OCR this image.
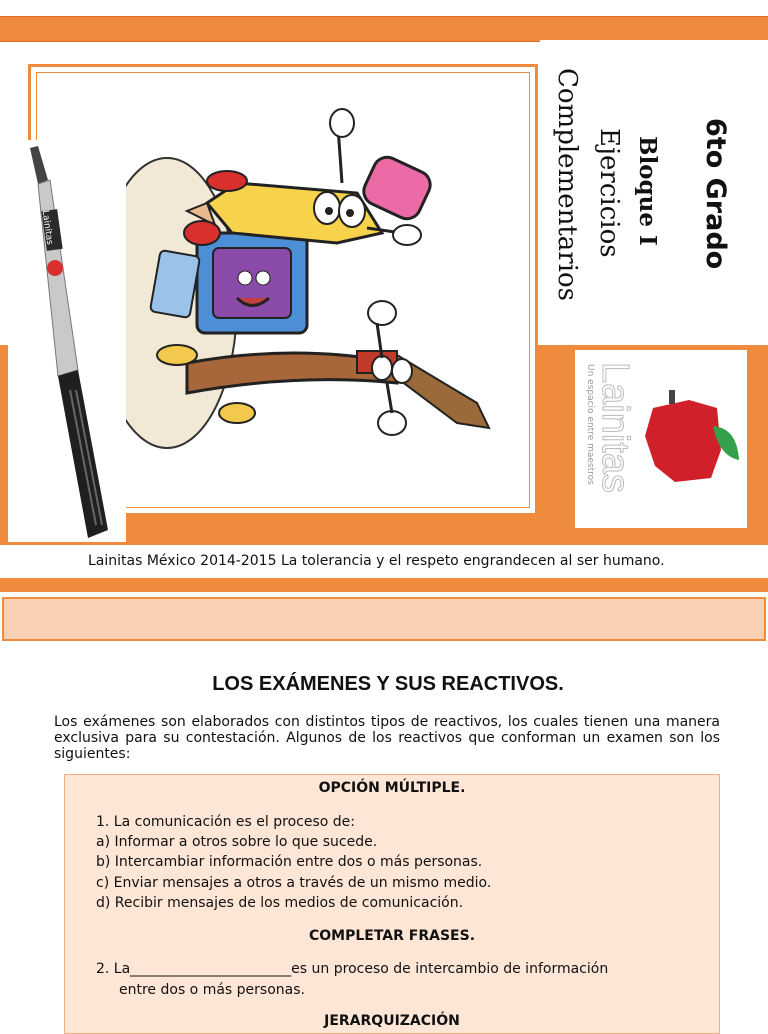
Lainitas	6to Grado
Bloque I
Ejercicios
Complementarios
Lainitas
Un espacio entre maestros
Lainitas México 2014-2015 La tolerancia y el respeto engrandecen al ser humano.
LOS EXÁMENES Y SUS REACTIVOS.
Los exámenes son elaborados con distintos tipos de reactivos, los cuales tienen una manera exclusiva para su contestación. Algunos de los reactivos que conforman un examen son los siguientes:
OPCIÓN MÚLTIPLE.
1. La comunicación es el proceso de:
a) Informar a otros sobre lo que sucede.
b) Intercambiar información entre dos o más personas.
c) Enviar mensajes a otros a través de un mismo medio.
d) Recibir mensajes de los medios de comunicación.
COMPLETAR FRASES.
2. La_______________________es un proceso de intercambio de información
entre dos o más personas.
JERARQUIZACIÓN
